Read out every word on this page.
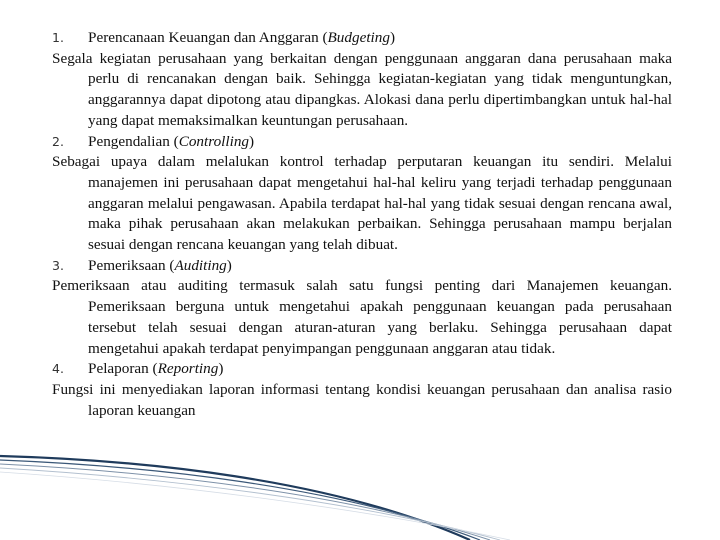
1. Perencanaan Keuangan dan Anggaran (Budgeting)
Segala kegiatan perusahaan yang berkaitan dengan penggunaan anggaran dana perusahaan maka perlu di rencanakan dengan baik. Sehingga kegiatan-kegiatan yang tidak menguntungkan, anggarannya dapat dipotong atau dipangkas. Alokasi dana perlu dipertimbangkan untuk hal-hal yang dapat memaksimalkan keuntungan perusahaan.
2. Pengendalian (Controlling)
Sebagai upaya dalam melalukan kontrol terhadap perputaran keuangan itu sendiri. Melalui manajemen ini perusahaan dapat mengetahui hal-hal keliru yang terjadi terhadap penggunaan anggaran melalui pengawasan. Apabila terdapat hal-hal yang tidak sesuai dengan rencana awal, maka pihak perusahaan akan melakukan perbaikan. Sehingga perusahaan mampu berjalan sesuai dengan rencana keuangan yang telah dibuat.
3. Pemeriksaan (Auditing)
Pemeriksaan atau auditing termasuk salah satu fungsi penting dari Manajemen keuangan. Pemeriksaan berguna untuk mengetahui apakah penggunaan keuangan pada perusahaan tersebut telah sesuai dengan aturan-aturan yang berlaku. Sehingga perusahaan dapat mengetahui apakah terdapat penyimpangan penggunaan anggaran atau tidak.
4. Pelaporan (Reporting)
Fungsi ini menyediakan laporan informasi tentang kondisi keuangan perusahaan dan analisa rasio laporan keuangan
